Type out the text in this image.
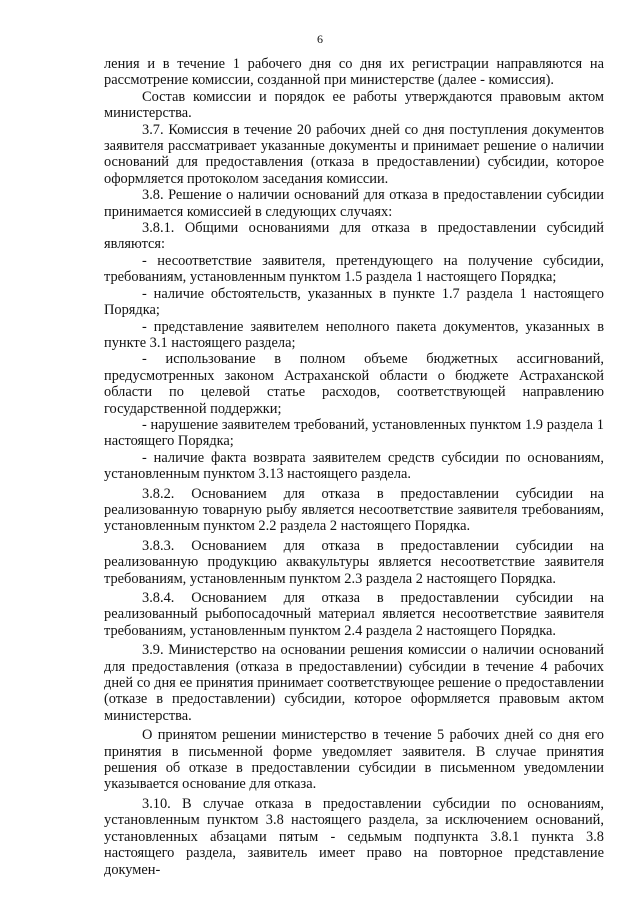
6

ления и в течение 1 рабочего дня со дня их регистрации направляются на рассмотрение комиссии, созданной при министерстве (далее - комиссия).

Состав комиссии и порядок ее работы утверждаются правовым актом министерства.

3.7. Комиссия в течение 20 рабочих дней со дня поступления документов заявителя рассматривает указанные документы и принимает решение о наличии оснований для предоставления (отказа в предоставлении) субсидии, которое оформляется протоколом заседания комиссии.

3.8. Решение о наличии оснований для отказа в предоставлении субсидии принимается комиссией в следующих случаях:

3.8.1. Общими основаниями для отказа в предоставлении субсидий являются:

- несоответствие заявителя, претендующего на получение субсидии, требованиям, установленным пунктом 1.5 раздела 1 настоящего Порядка;

- наличие обстоятельств, указанных в пункте 1.7 раздела 1 настоящего Порядка;

- представление заявителем неполного пакета документов, указанных в пункте 3.1 настоящего раздела;

- использование в полном объеме бюджетных ассигнований, предусмотренных законом Астраханской области о бюджете Астраханской области по целевой статье расходов, соответствующей направлению государственной поддержки;

- нарушение заявителем требований, установленных пунктом 1.9 раздела 1 настоящего Порядка;

- наличие факта возврата заявителем средств субсидии по основаниям, установленным пунктом 3.13 настоящего раздела.

3.8.2. Основанием для отказа в предоставлении субсидии на реализованную товарную рыбу является несоответствие заявителя требованиям, установленным пунктом 2.2 раздела 2 настоящего Порядка.

3.8.3. Основанием для отказа в предоставлении субсидии на реализованную продукцию аквакультуры является несоответствие заявителя требованиям, установленным пунктом 2.3 раздела 2 настоящего Порядка.

3.8.4. Основанием для отказа в предоставлении субсидии на реализованный рыбопосадочный материал является несоответствие заявителя требованиям, установленным пунктом 2.4 раздела 2 настоящего Порядка.

3.9. Министерство на основании решения комиссии о наличии оснований для предоставления (отказа в предоставлении) субсидии в течение 4 рабочих дней со дня ее принятия принимает соответствующее решение о предоставлении (отказе в предоставлении) субсидии, которое оформляется правовым актом министерства.

О принятом решении министерство в течение 5 рабочих дней со дня его принятия в письменной форме уведомляет заявителя. В случае принятия решения об отказе в предоставлении субсидии в письменном уведомлении указывается основание для отказа.

3.10. В случае отказа в предоставлении субсидии по основаниям, установленным пунктом 3.8 настоящего раздела, за исключением оснований, установленных абзацами пятым - седьмым подпункта 3.8.1 пункта 3.8 настоящего раздела, заявитель имеет право на повторное представление докумен-
